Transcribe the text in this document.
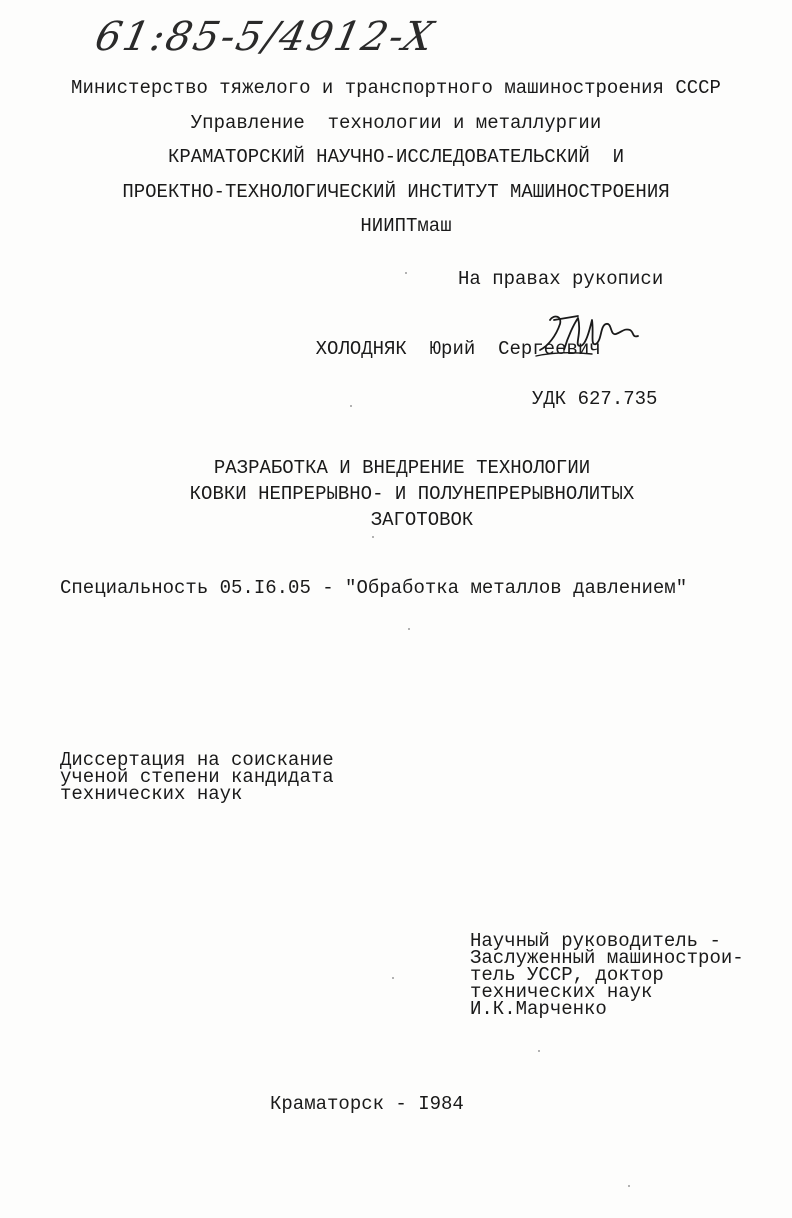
61:85-5/4912-X
Министерство тяжелого и транспортного машиностроения СССР
Управление  технологии и металлургии
КРАМАТОРСКИЙ НАУЧНО-ИССЛЕДОВАТЕЛЬСКИЙ  И
ПРОЕКТНО-ТЕХНОЛОГИЧЕСКИЙ ИНСТИТУТ МАШИНОСТРОЕНИЯ
НИИПТмаш
На правах рукописи

ХОЛОДНЯК Юрий Сергеевич

УДК 627.735
РАЗРАБОТКА И ВНЕДРЕНИЕ ТЕХНОЛОГИИ
КОВКИ НЕПРЕРЫВНО- И ПОЛУНЕПРЕРЫВНОЛИТЫХ
ЗАГОТОВОК
Специальность 05.I6.05 - "Обработка металлов давлением"
Диссертация на соискание
ученой степени кандидата
технических наук
Научный руководитель -
Заслуженный машинострои-
тель УССР, доктор
технических наук
И.К.Марченко
Краматорск - I984
